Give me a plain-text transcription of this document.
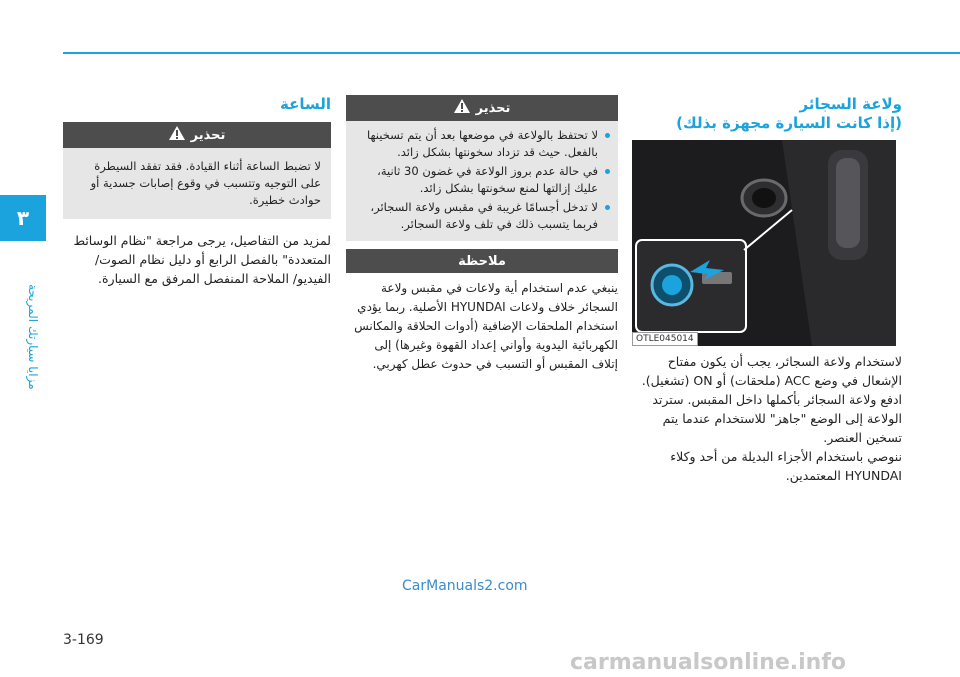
٣
مزايا سيارتك المريحة
ولاعة السجائر
(إذا كانت السيارة مجهزة بذلك)
OTLE045014

لاستخدام ولاعة السجائر، يجب أن يكون مفتاح الإشعال في وضع ACC (ملحقات) أو ON (تشغيل).

ادفع ولاعة السجائر بأكملها داخل المقبس. سترتد الولاعة إلى الوضع "جاهز" للاستخدام عندما يتم تسخين العنصر.

ننوصي باستخدام الأجزاء البديلة من أحد وكلاء HYUNDAI المعتمدين.

تحذير
لا تحتفظ بالولاعة في موضعها بعد أن يتم تسخينها بالفعل. حيث قد تزداد سخونتها بشكل زائد.
في حالة عدم بروز الولاعة في غضون 30 ثانية، عليك إزالتها لمنع سخونتها بشكل زائد.
لا تدخل أجسامًا غريبة في مقبس ولاعة السجائر، فربما يتسبب ذلك في تلف ولاعة السجائر.
ملاحظة

ينبغي عدم استخدام أية ولاعات في مقبس ولاعة السجائر خلاف ولاعات HYUNDAI الأصلية. ربما يؤدي استخدام الملحقات الإضافية (أدوات الحلاقة والمكانس الكهربائية اليدوية وأواني إعداد القهوة وغيرها) إلى إتلاف المقبس أو التسبب في حدوث عطل كهربي.

الساعة
تحذير
لا تضبط الساعة أثناء القيادة. فقد تفقد السيطرة على التوجيه وتتسبب في وقوع إصابات جسدية أو حوادث خطيرة.

لمزيد من التفاصيل، يرجى مراجعة "نظام الوسائط المتعددة" بالفصل الرابع أو دليل نظام الصوت/ الفيديو/ الملاحة المنفصل المرفق مع السيارة.

3-169
CarManuals2.com
carmanualsonline.info
